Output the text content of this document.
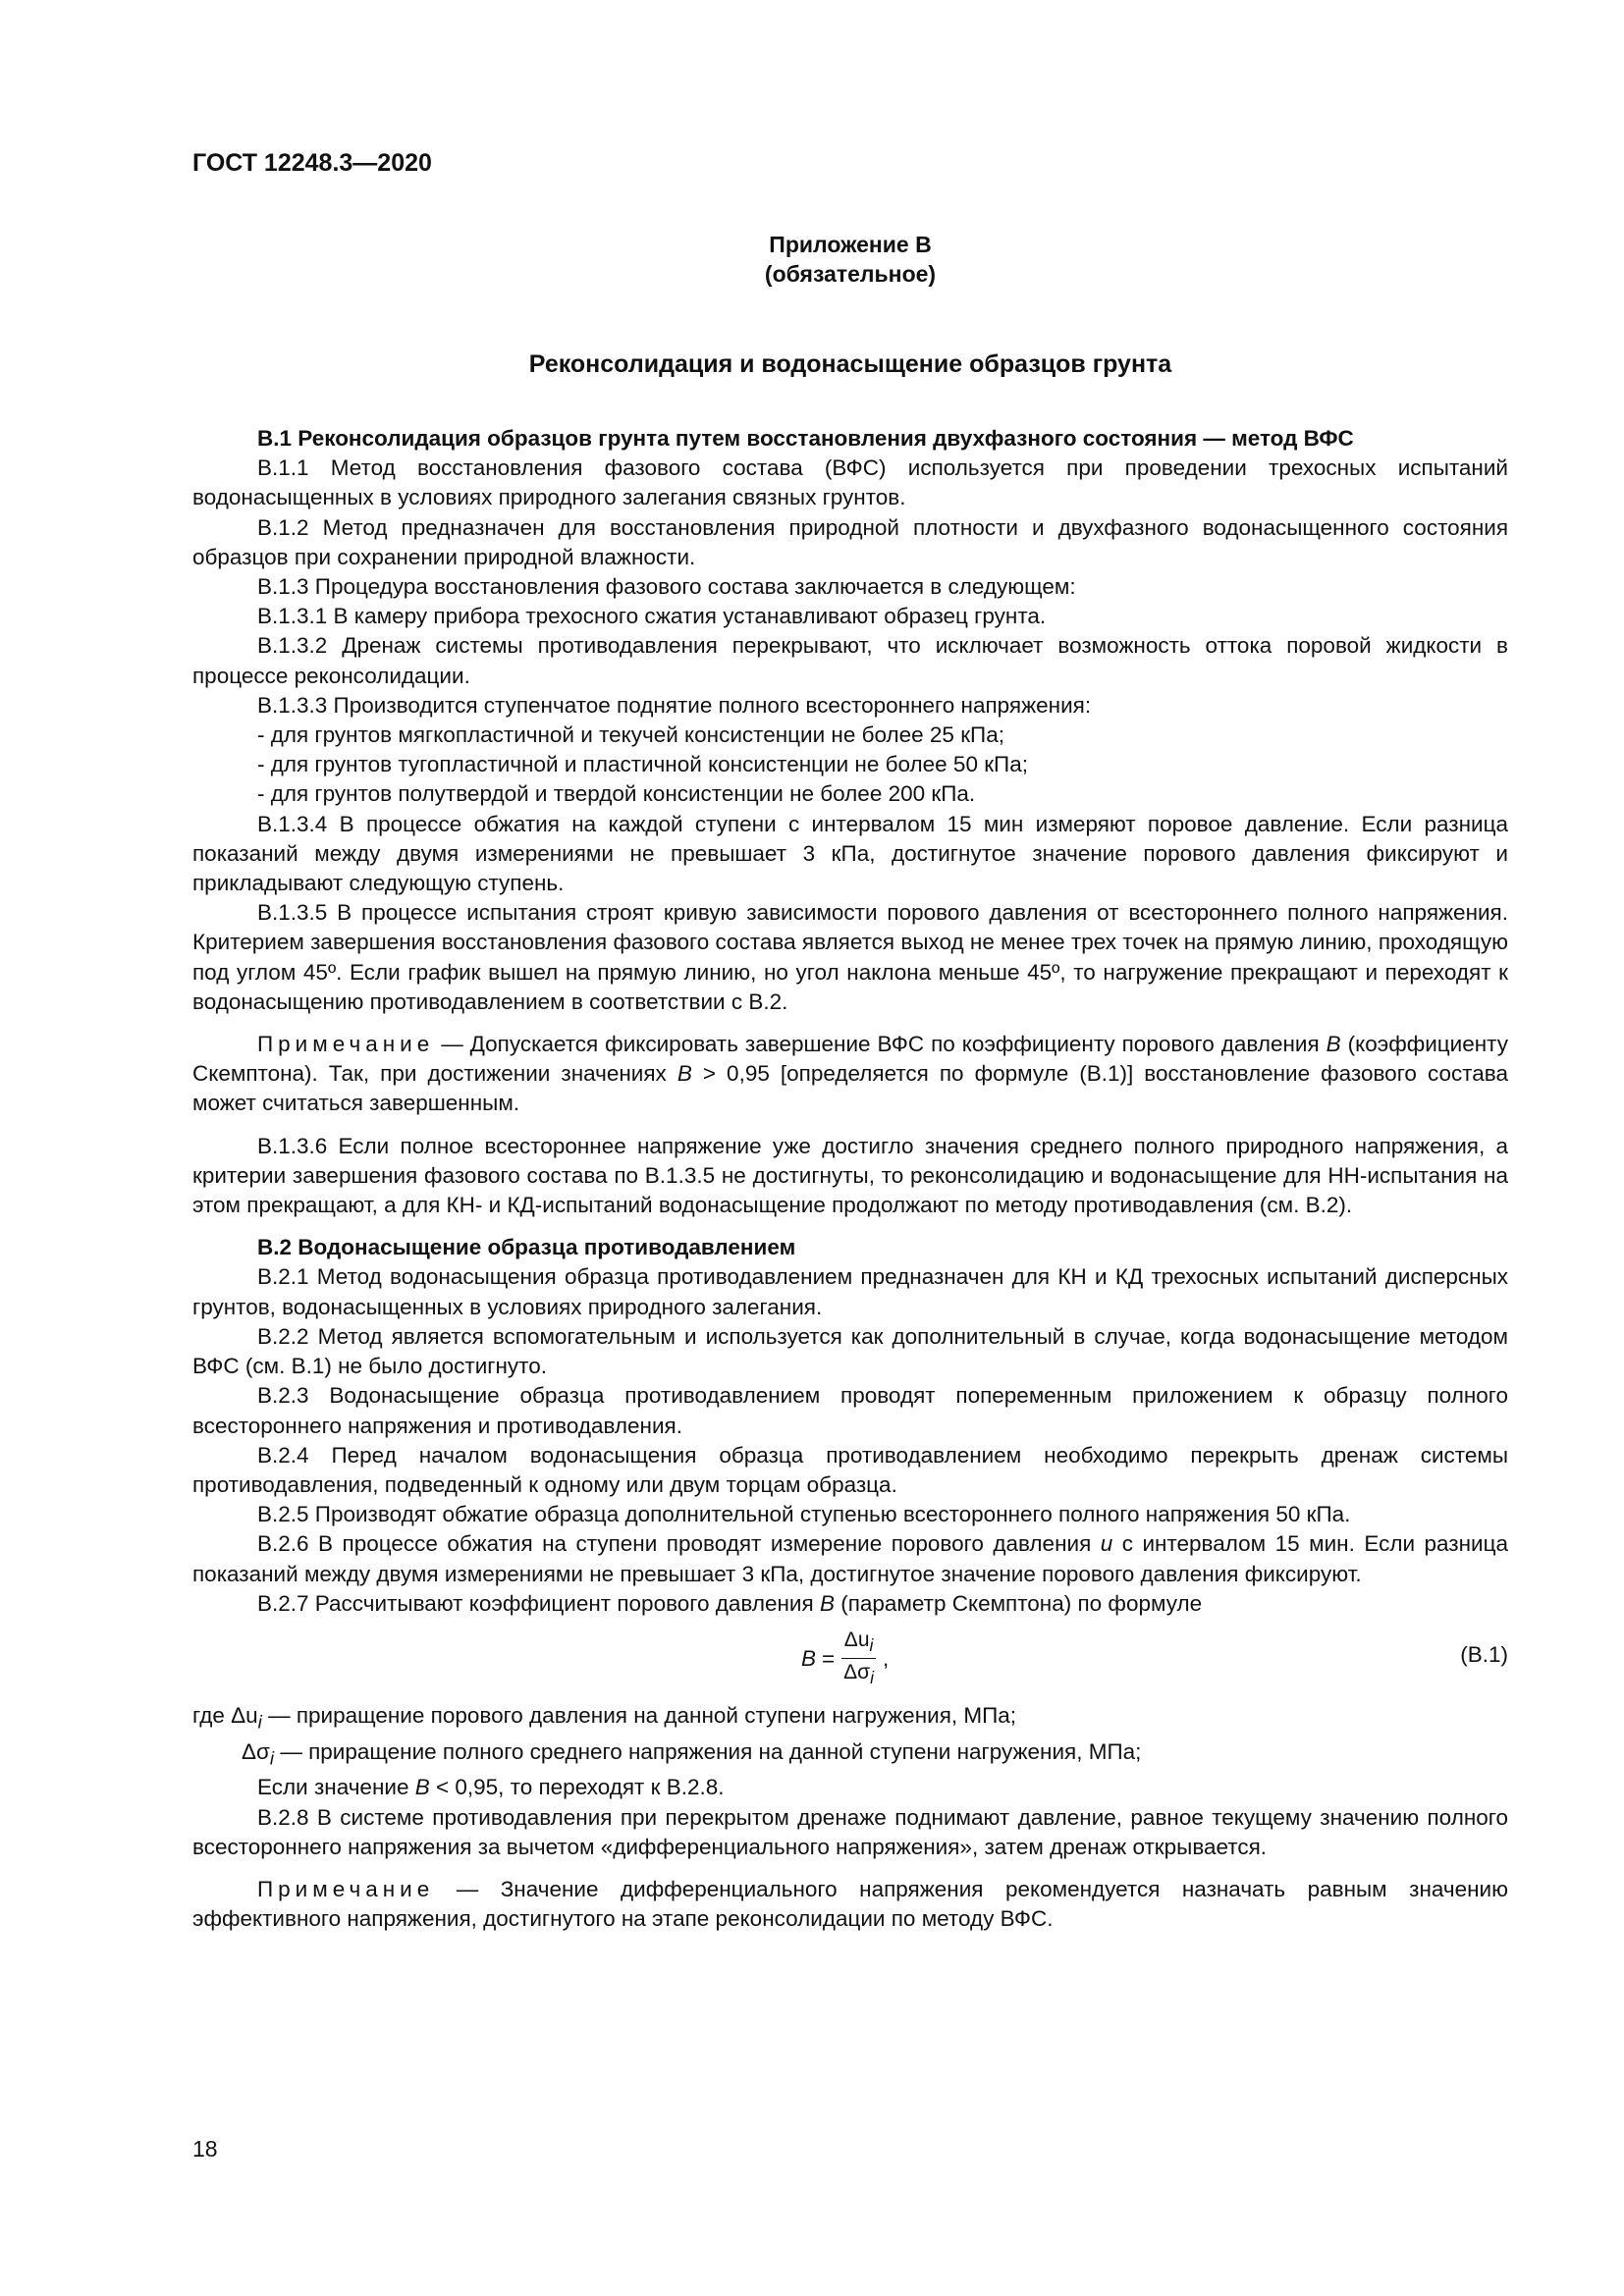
ГОСТ 12248.3—2020
Приложение В
(обязательное)
Реконсолидация и водонасыщение образцов грунта

В.1 Реконсолидация образцов грунта путем восстановления двухфазного состояния — метод ВФС

В.1.1 Метод восстановления фазового состава (ВФС) используется при проведении трехосных испытаний водонасыщенных в условиях природного залегания связных грунтов.

В.1.2 Метод предназначен для восстановления природной плотности и двухфазного водонасыщенного состояния образцов при сохранении природной влажности.

В.1.3 Процедура восстановления фазового состава заключается в следующем:

В.1.3.1 В камеру прибора трехосного сжатия устанавливают образец грунта.

В.1.3.2 Дренаж системы противодавления перекрывают, что исключает возможность оттока поровой жидкости в процессе реконсолидации.

В.1.3.3 Производится ступенчатое поднятие полного всестороннего напряжения:

- для грунтов мягкопластичной и текучей консистенции не более 25 кПа;

- для грунтов тугопластичной и пластичной консистенции не более 50 кПа;

- для грунтов полутвердой и твердой консистенции не более 200 кПа.

В.1.3.4 В процессе обжатия на каждой ступени с интервалом 15 мин измеряют поровое давление. Если разница показаний между двумя измерениями не превышает 3 кПа, достигнутое значение порового давления фиксируют и прикладывают следующую ступень.

В.1.3.5 В процессе испытания строят кривую зависимости порового давления от всестороннего полного напряжения. Критерием завершения восстановления фазового состава является выход не менее трех точек на прямую линию, проходящую под углом 45º. Если график вышел на прямую линию, но угол наклона меньше 45º, то нагружение прекращают и переходят к водонасыщению противодавлением в соответствии с В.2.

Примечание — Допускается фиксировать завершение ВФС по коэффициенту порового давления B (коэффициенту Скемптона). Так, при достижении значениях B > 0,95 [определяется по формуле (В.1)] восстановление фазового состава может считаться завершенным.

В.1.3.6 Если полное всестороннее напряжение уже достигло значения среднего полного природного напряжения, а критерии завершения фазового состава по В.1.3.5 не достигнуты, то реконсолидацию и водонасыщение для НН-испытания на этом прекращают, а для КН- и КД-испытаний водонасыщение продолжают по методу противодавления (см. В.2).

В.2 Водонасыщение образца противодавлением

В.2.1 Метод водонасыщения образца противодавлением предназначен для КН и КД трехосных испытаний дисперсных грунтов, водонасыщенных в условиях природного залегания.

В.2.2 Метод является вспомогательным и используется как дополнительный в случае, когда водонасыщение методом ВФС (см. В.1) не было достигнуто.

В.2.3 Водонасыщение образца противодавлением проводят попеременным приложением к образцу полного всестороннего напряжения и противодавления.

В.2.4 Перед началом водонасыщения образца противодавлением необходимо перекрыть дренаж системы противодавления, подведенный к одному или двум торцам образца.

В.2.5 Производят обжатие образца дополнительной ступенью всестороннего полного напряжения 50 кПа.

В.2.6 В процессе обжатия на ступени проводят измерение порового давления u с интервалом 15 мин. Если разница показаний между двумя измерениями не превышает 3 кПа, достигнутое значение порового давления фиксируют.

В.2.7 Рассчитывают коэффициент порового давления B (параметр Скемптона) по формуле

$B = \frac{\Delta u_i}{\Delta\sigma_i}$ ,	(В.1)

где $\Delta u_i$ — приращение порового давления на данной ступени нагружения, МПа;

$\Delta\sigma_i$ — приращение полного среднего напряжения на данной ступени нагружения, МПа;

Если значение B < 0,95, то переходят к В.2.8.

В.2.8 В системе противодавления при перекрытом дренаже поднимают давление, равное текущему значению полного всестороннего напряжения за вычетом «дифференциального напряжения», затем дренаж открывается.

Примечание — Значение дифференциального напряжения рекомендуется назначать равным значению эффективного напряжения, достигнутого на этапе реконсолидации по методу ВФС.

18
